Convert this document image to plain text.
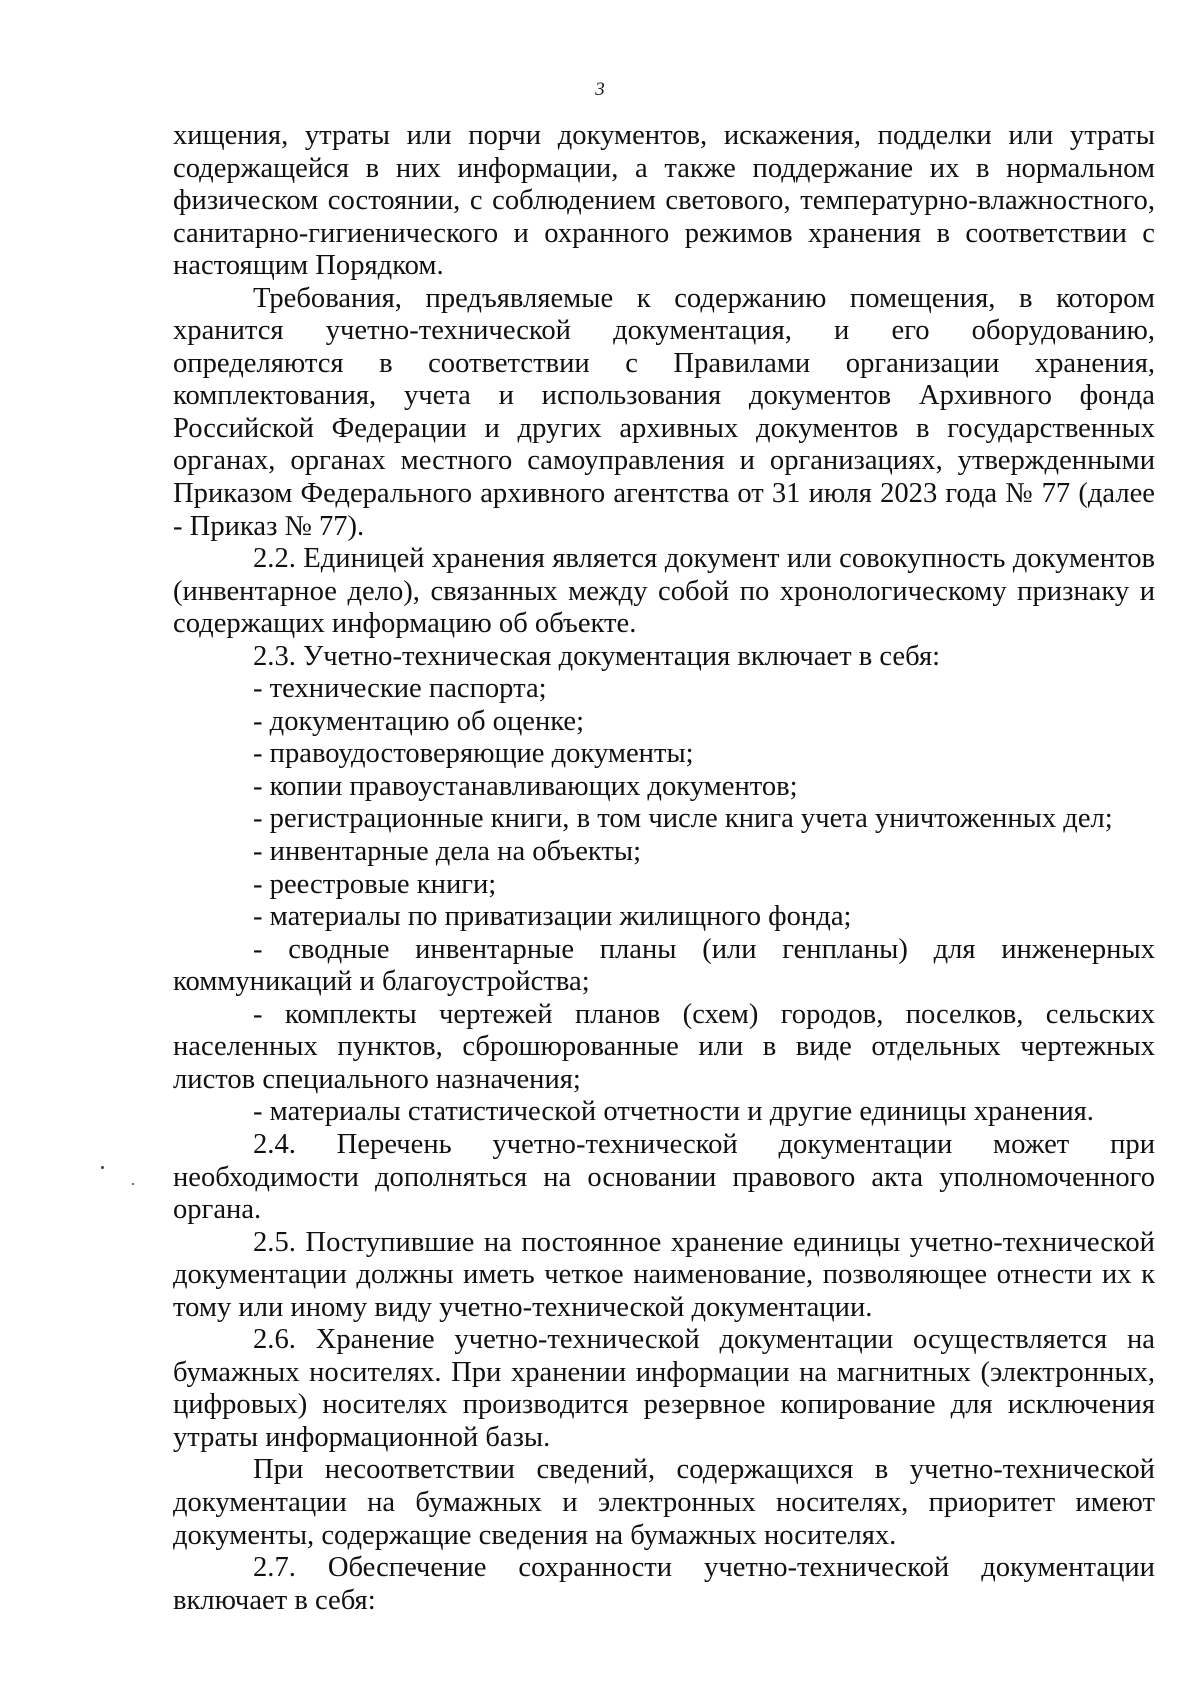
3

хищения, утраты или порчи документов, искажения, подделки или утраты содержащейся в них информации, а также поддержание их в нормальном физическом состоянии, с соблюдением светового, температурно-влажностного, санитарно-гигиенического и охранного режимов хранения в соответствии с настоящим Порядком.

Требования, предъявляемые к содержанию помещения, в котором хранится учетно-технической документация, и его оборудованию, определяются в соответствии с Правилами организации хранения, комплектования, учета и использования документов Архивного фонда Российской Федерации и других архивных документов в государственных органах, органах местного самоуправления и организациях, утвержденными Приказом Федерального архивного агентства от 31 июля 2023 года № 77 (далее - Приказ № 77).

2.2. Единицей хранения является документ или совокупность документов (инвентарное дело), связанных между собой по хронологическому признаку и содержащих информацию об объекте.

2.3. Учетно-техническая документация включает в себя:

- технические паспорта;

- документацию об оценке;

- правоудостоверяющие документы;

- копии правоустанавливающих документов;

- регистрационные книги, в том числе книга учета уничтоженных дел;

- инвентарные дела на объекты;

- реестровые книги;

- материалы по приватизации жилищного фонда;

- сводные инвентарные планы (или генпланы) для инженерных коммуникаций и благоустройства;

- комплекты чертежей планов (схем) городов, поселков, сельских населенных пунктов, сброшюрованные или в виде отдельных чертежных листов специального назначения;

- материалы статистической отчетности и другие единицы хранения.

2.4. Перечень учетно-технической документации может при необходимости дополняться на основании правового акта уполномоченного органа.

2.5. Поступившие на постоянное хранение единицы учетно-технической документации должны иметь четкое наименование, позволяющее отнести их к тому или иному виду учетно-технической документации.

2.6. Хранение учетно-технической документации осуществляется на бумажных носителях. При хранении информации на магнитных (электронных, цифровых) носителях производится резервное копирование для исключения утраты информационной базы.

При несоответствии сведений, содержащихся в учетно-технической документации на бумажных и электронных носителях, приоритет имеют документы, содержащие сведения на бумажных носителях.

2.7. Обеспечение сохранности учетно-технической документации включает в себя:
